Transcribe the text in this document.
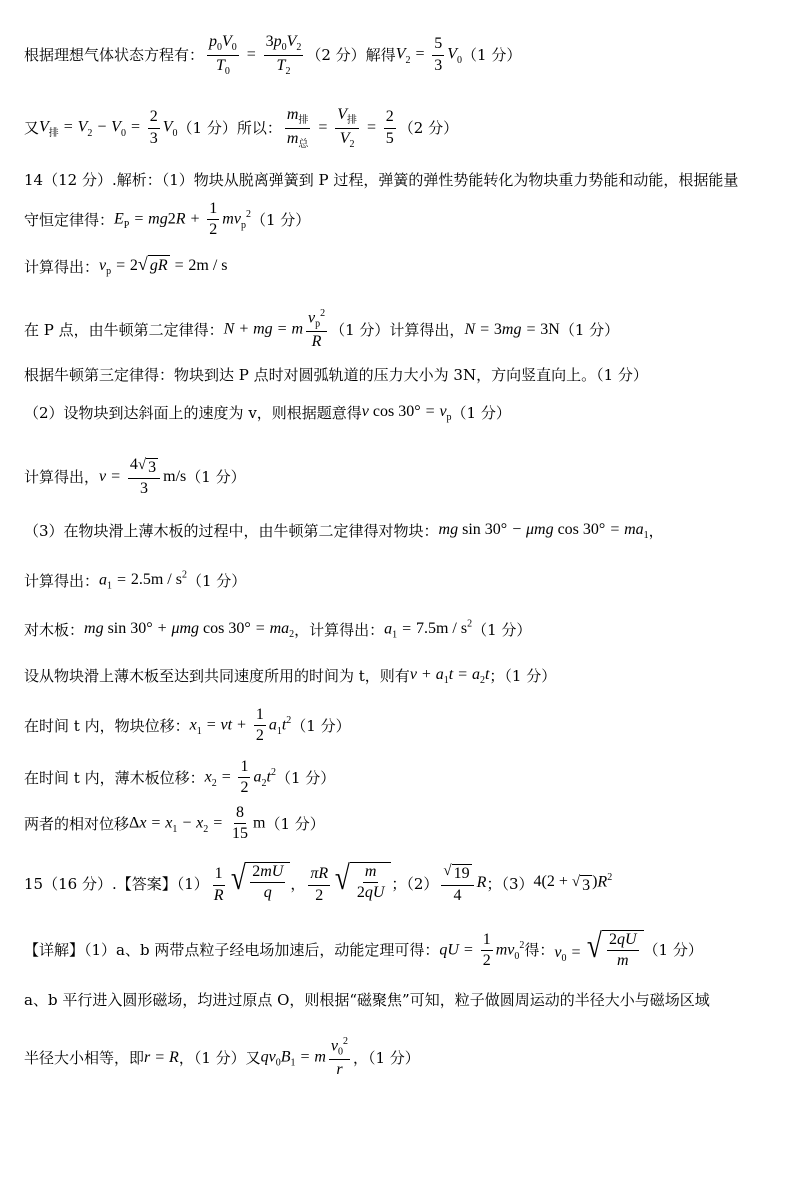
根据理想气体状态方程有： $\frac{p_0V_0}{T_0} = \frac{3p_0V_2}{T_2} (2$ 分）解得 $V_2 = \frac{5}{3} V_0$ （1 分）
又 $V_排 = V_2 - V_0 = \frac{2}{3} V_0$ （1 分）所以： $\frac{m_排}{m_总} = \frac{V_排}{V_2} = \frac{2}{5} (2$ 分）
14（12 分）.解析：（1）物块从脱离弹簧到 P 过程，弹簧的弹性势能转化为物块重力势能和动能，根据能量
守恒定律得： $E_P = mg2R + \frac{1}{2} mv_p^2$ （1 分）
计算得出： $v_p = 2$ √ gR = 2m / s
在 P 点，由牛顿第二定律得： N + mg = m $\frac{v_p^2}{R} (1$ 分）计算得出， N = 3mg = 3N （1 分）
根据牛顿第三定律得：物块到达 P 点时对圆弧轨道的压力大小为 3N，方向竖直向上。（1 分）
（2）设物块到达斜面上的速度为 v，则根据题意得 v $\cos 30^\circ = v_p$ （1 分）
计算得出， $v = \frac{4 √ 3}{3} m/s$ （1 分）
（3）在物块滑上薄木板的过程中，由牛顿第二定律得对物块： mg sin 30° − μmg $\cos 30^\circ = ma_1$ ，
计算得出： $a_1 = 2.5m / s^2$ （1 分）
对木板： mg sin 30° + μmg $\cos 30^\circ = ma_2$ ，计算得出： $a_1 = 7.5m / s^2$ （1 分）
设从物块滑上薄木板至达到共同速度所用的时间为 t，则有 $v + a_1t = a_2t$ ；（1 分）
在时间 t 内，物块位移： $x_1$ = vt + $\frac{1}{2} a_1t^2$ （1 分）
在时间 t 内，薄木板位移： $x_2 = \frac{1}{2} a_2t^2$ （1 分）
两者的相对位移 $\Delta x = x_1 - x_2 = \frac{8}{15}$ m （1 分）
15（16 分）.【答案】$(1) \frac{1}{R}$ √ $\frac{2mU}{q}$ ， $\frac{\pi R}{2}$ √ $\frac{m}{2qU}$ ；$(2) \frac{√ 19}{4}$ R ；（3） 4(2 + √ 3 )$R^2$
【详解】（1）a、b 两带点粒子经电场加速后，动能定理可得： qU = $\frac{1}{2} mv_0^2$ 得： $v_0$ = √ $\frac{2qU}{m} (1$ 分）
a、b 平行进入圆形磁场，均进过原点 O，则根据“磁聚焦”可知，粒子做圆周运动的半径大小与磁场区域
半径大小相等，即 r = R ，（1 分）又 $qv_0B_1 = m \frac{v_0^2}{r}$ ，（1 分）
